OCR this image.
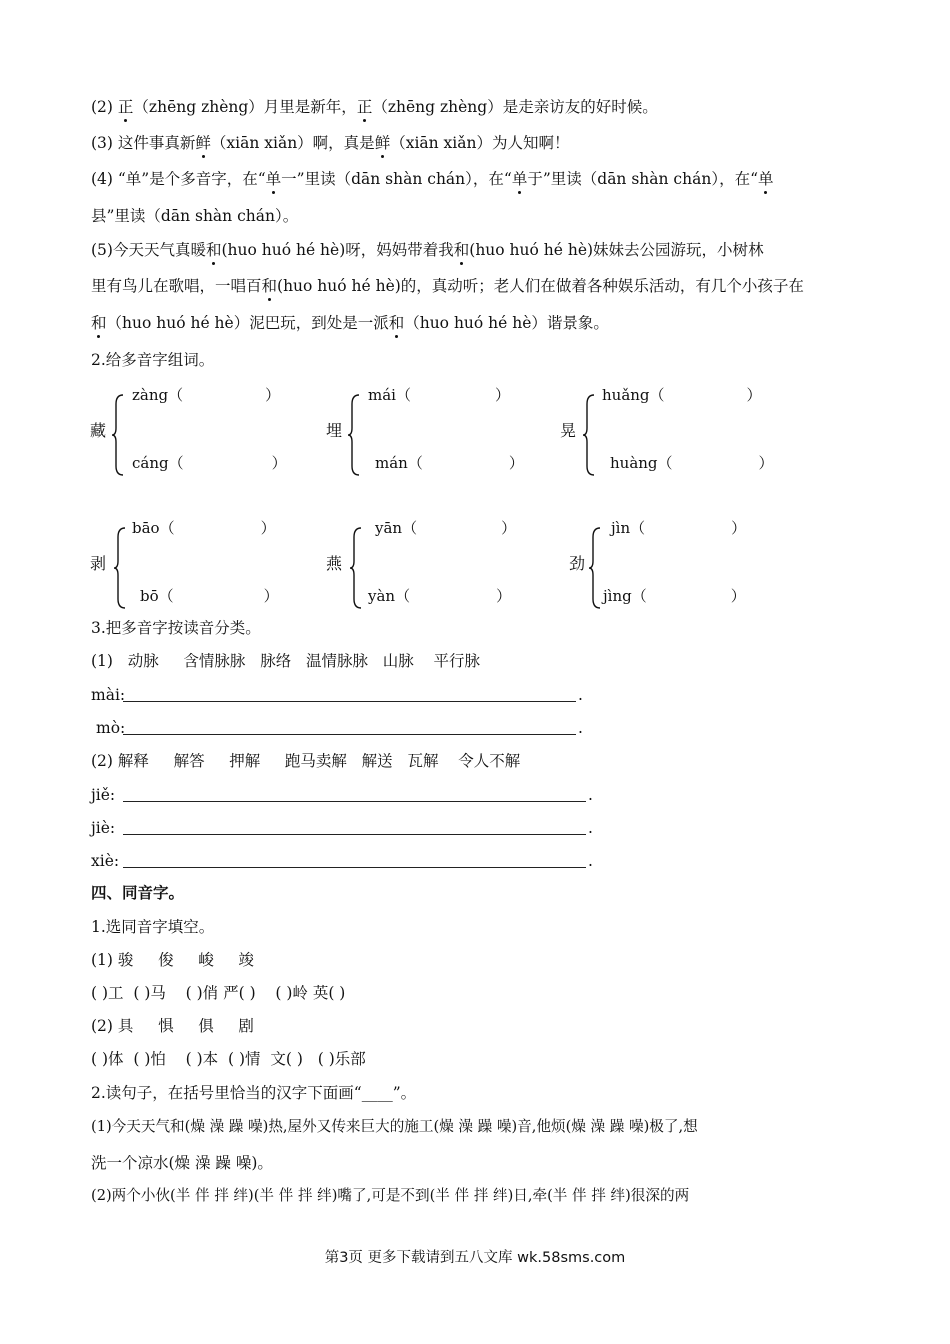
(2) 正（zhēng zhèng）月里是新年，正（zhēng zhèng）是走亲访友的好时候。
(3) 这件事真新鲜（xiān xiǎn）啊，真是鲜（xiān xiǎn）为人知啊！
(4) “单”是个多音字，在“单一”里读（dān shàn chán），在“单于”里读（dān shàn chán），在“单
县”里读（dān shàn chán）。
(5)今天天气真暖和(huo huó hé hè)呀，妈妈带着我和(huo huó hé hè)妹妹去公园游玩，小树林
里有鸟儿在歌唱，一唱百和(huo huó hé hè)的，真动听；老人们在做着各种娱乐活动，有几个小孩子在
和（huo huó hé hè）泥巴玩，到处是一派和（huo huó hé hè）谐景象。
2.给多音字组词。
藏
zàng（	）
cáng（	）
埋
mái（	）
mán（	）
晃
huǎng（	）
huàng（	）
剥
bāo（	）
bō（	）
燕
yān（	）
yàn（	）
劲
jìn（	）
jìng（	）
3.把多音字按读音分类。
(1) 动脉 含情脉脉 脉络 温情脉脉 山脉 平行脉
mài:	.
mò:	.
(2) 解释 解答 押解 跑马卖解 解送 瓦解 令人不解
jiě:	.
jiè:	.
xiè:	.
四、同音字。
1.选同音字填空。
(1) 骏 俊 峻 竣
( )工 ( )马 ( )俏 严( ) ( )岭 英( )
(2) 具 惧 俱 剧
( )体 ( )怕 ( )本 ( )情 文( ) ( )乐部
2.读句子，在括号里恰当的汉字下面画“____”。
(1)今天天气和(燥 澡 躁 噪)热,屋外又传来巨大的施工(燥 澡 躁 噪)音,他烦(燥 澡 躁 噪)极了,想
洗一个凉水(燥 澡 躁 噪)。
(2)两个小伙(半 伴 拌 绊)(半 伴 拌 绊)嘴了,可是不到(半 伴 拌 绊)日,牵(半 伴 拌 绊)很深的两
第3页 更多下载请到五八文库 wk.58sms.com
